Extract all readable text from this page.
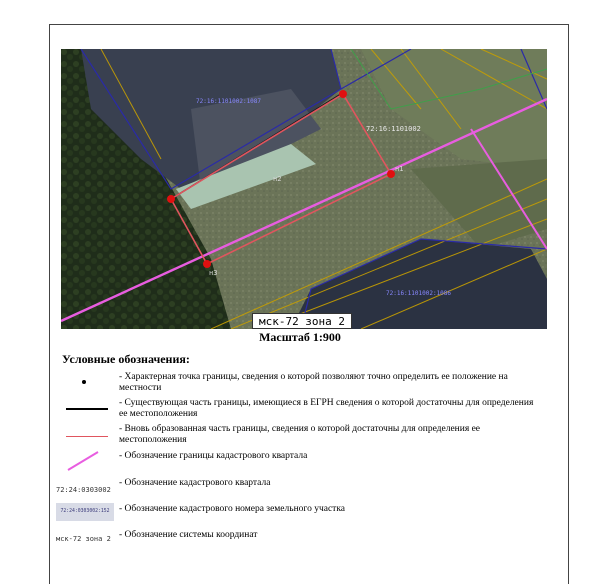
72:16:1101002
72:16:1101002:1087
72:16:1101002:1086
н2
н3
н1
мск-72 зона 2
Масштаб 1:900
Условные обозначения:
72:24:0303002
72:24:0303002:152
мск-72 зона 2
- Характерная точка границы, сведения о которой позволяют точно определить ее положение на местности
- Существующая часть границы, имеющиеся в ЕГРН сведения о которой достаточны для определения ее местоположения
- Вновь образованная часть границы, сведения о которой достаточны для определения ее местоположения
- Обозначение границы кадастрового квартала
- Обозначение кадастрового квартала
- Обозначение кадастрового номера земельного участка
- Обозначение системы координат
